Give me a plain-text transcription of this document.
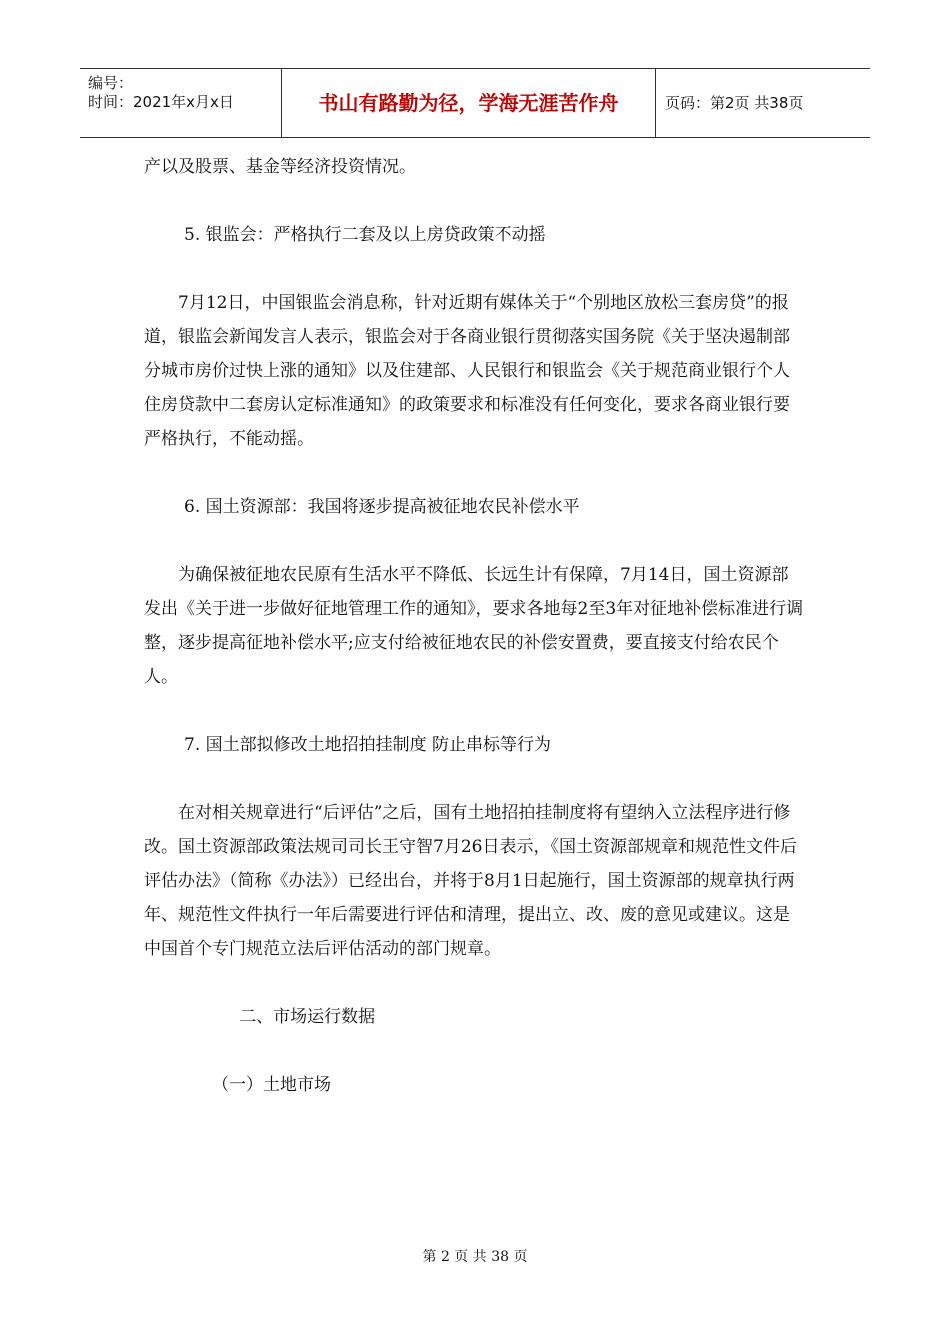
编号：
时间：2021年x月x日	书山有路勤为径，学海无涯苦作舟	页码：第2页 共38页

产以及股票、基金等经济投资情况。

5. 银监会：严格执行二套及以上房贷政策不动摇

7月12日，中国银监会消息称，针对近期有媒体关于“个别地区放松三套房贷”的报道，银监会新闻发言人表示，银监会对于各商业银行贯彻落实国务院《关于坚决遏制部分城市房价过快上涨的通知》以及住建部、人民银行和银监会《关于规范商业银行个人住房贷款中二套房认定标准通知》的政策要求和标准没有任何变化，要求各商业银行要严格执行，不能动摇。

6. 国土资源部：我国将逐步提高被征地农民补偿水平

为确保被征地农民原有生活水平不降低、长远生计有保障，7月14日，国土资源部发出《关于进一步做好征地管理工作的通知》，要求各地每2至3年对征地补偿标准进行调整，逐步提高征地补偿水平;应支付给被征地农民的补偿安置费，要直接支付给农民个人。

7. 国土部拟修改土地招拍挂制度 防止串标等行为

在对相关规章进行“后评估”之后，国有土地招拍挂制度将有望纳入立法程序进行修改。国土资源部政策法规司司长王守智7月26日表示，《国土资源部规章和规范性文件后评估办法》（简称《办法》）已经出台，并将于8月1日起施行，国土资源部的规章执行两年、规范性文件执行一年后需要进行评估和清理，提出立、改、废的意见或建议。这是中国首个专门规范立法后评估活动的部门规章。

二、市场运行数据

（一）土地市场

第 2 页 共 38 页
